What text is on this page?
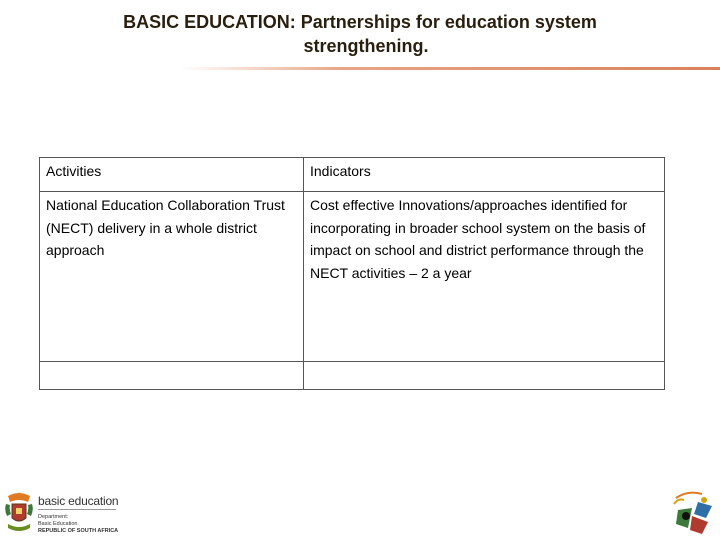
BASIC EDUCATION: Partnerships for education system
strengthening.
Activities	Indicators
National Education Collaboration Trust (NECT) delivery in a whole district approach	Cost effective Innovations/approaches identified for incorporating in broader school system on the basis of impact on school and district performance through the NECT activities – 2 a year

basic education
Department:
Basic Education
REPUBLIC OF SOUTH AFRICA
